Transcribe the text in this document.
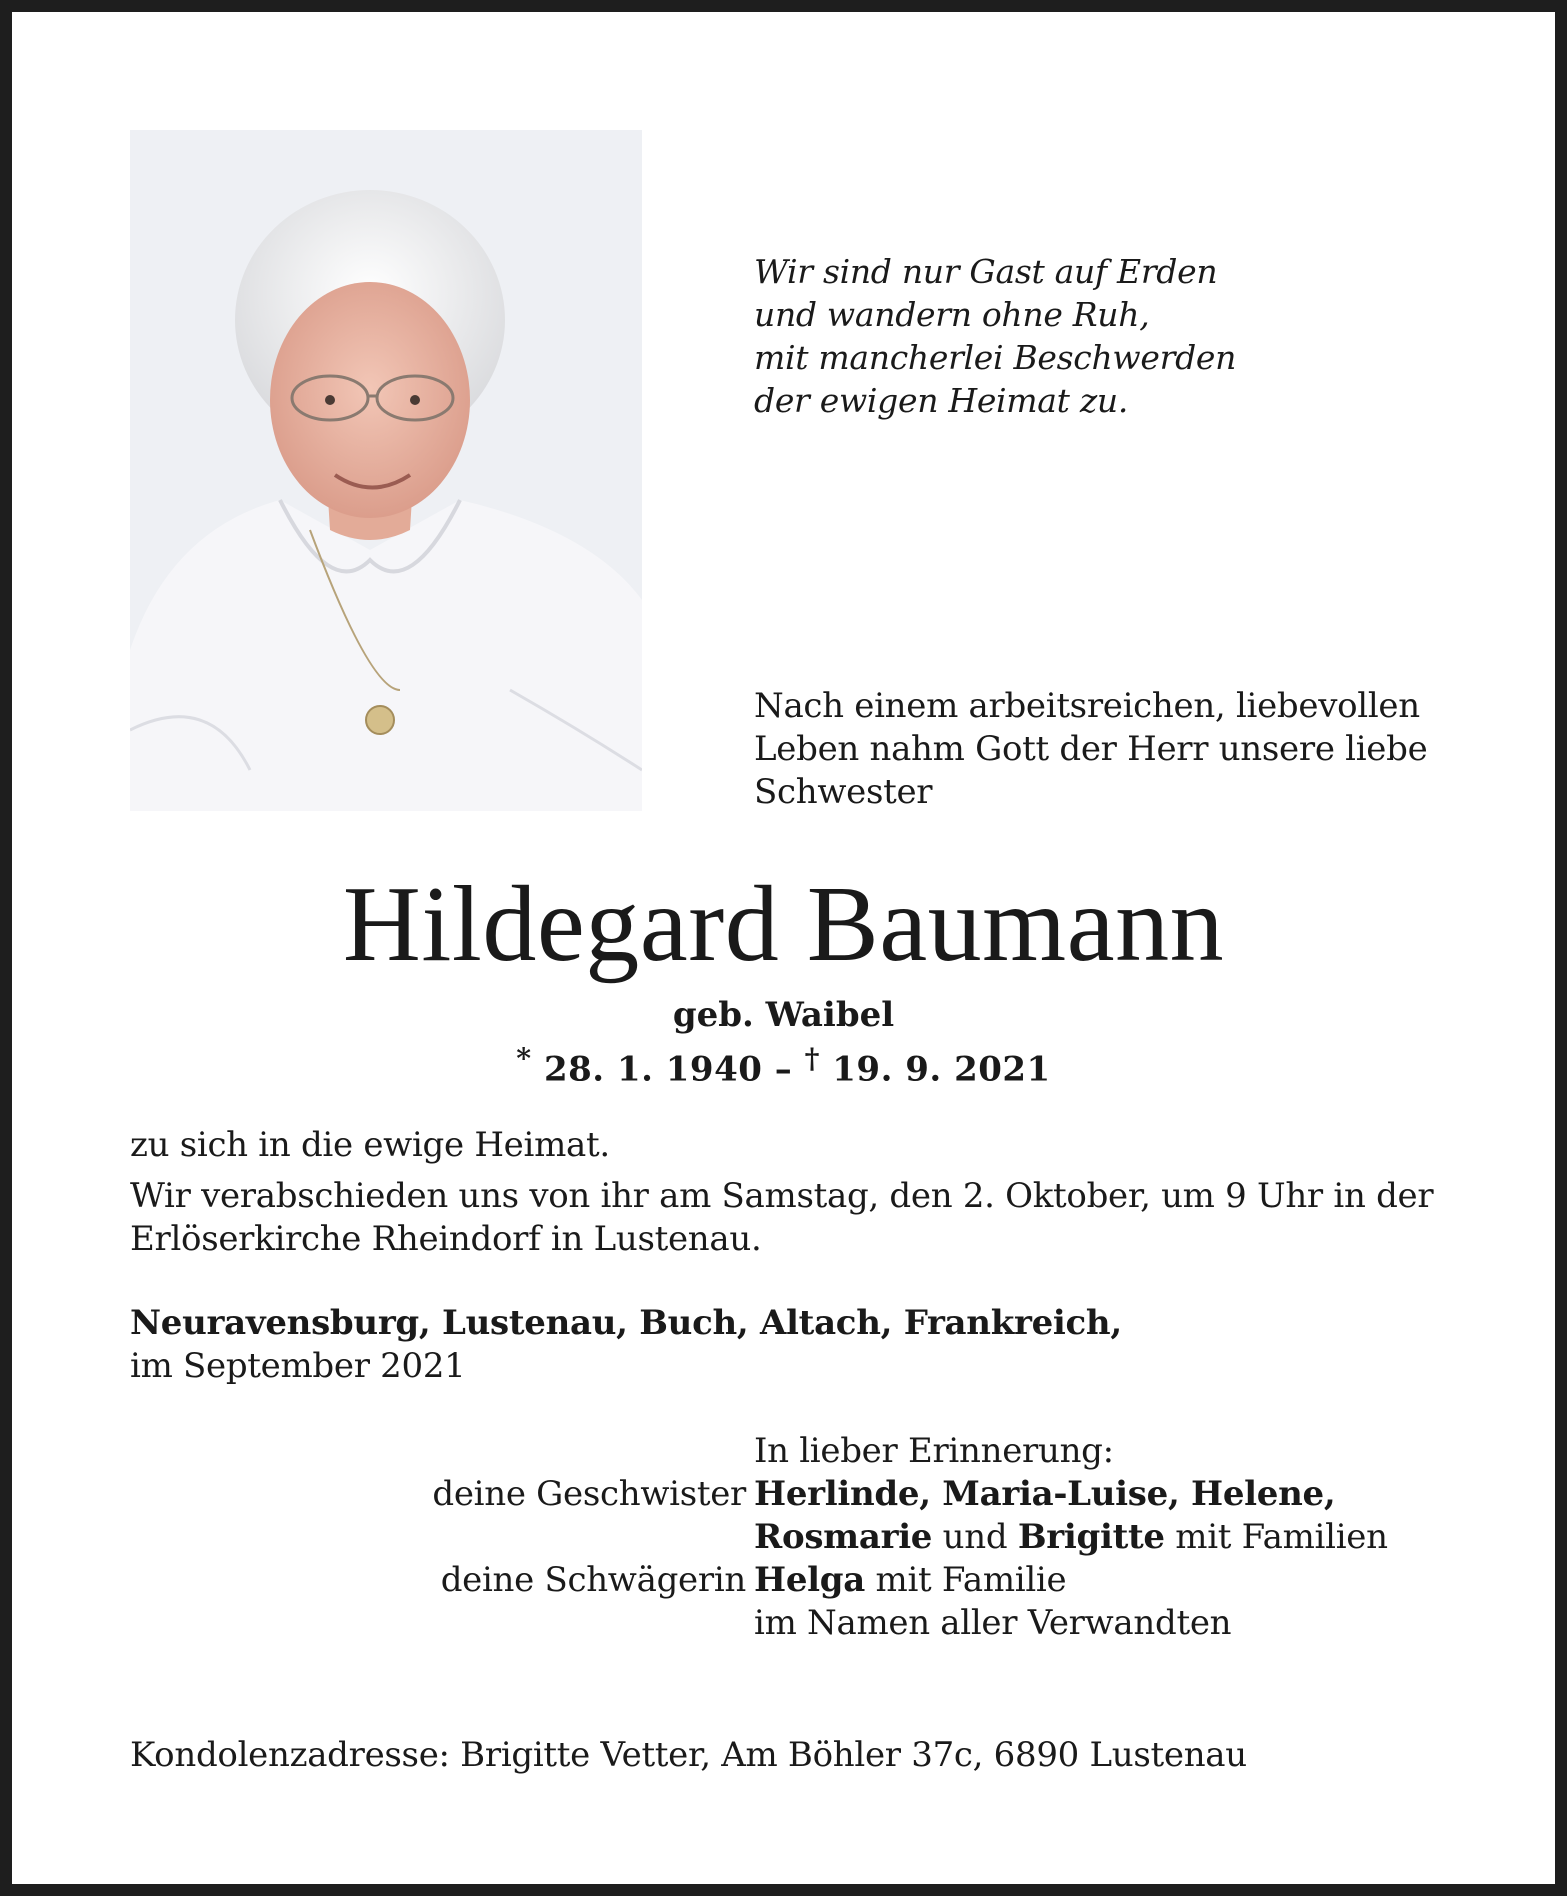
Wir sind nur Gast auf Erden
und wandern ohne Ruh,
mit mancherlei Beschwerden
der ewigen Heimat zu.
Nach einem arbeitsreichen, liebevollen
Leben nahm Gott der Herr unsere liebe
Schwester
Hildegard Baumann
geb. Waibel
* 28. 1. 1940 – † 19. 9. 2021

zu sich in die ewige Heimat.

Wir verabschieden uns von ihr am Samstag, den 2. Oktober, um 9 Uhr in der

Erlöserkirche Rheindorf in Lustenau.

Neuravensburg, Lustenau, Buch, Altach, Frankreich,
im September 2021
In lieber Erinnerung:
deine Geschwister Herlinde, Maria-Luise, Helene,
Rosmarie und Brigitte mit Familien
deine Schwägerin Helga mit Familie
im Namen aller Verwandten
Kondolenzadresse: Brigitte Vetter, Am Böhler 37c, 6890 Lustenau
